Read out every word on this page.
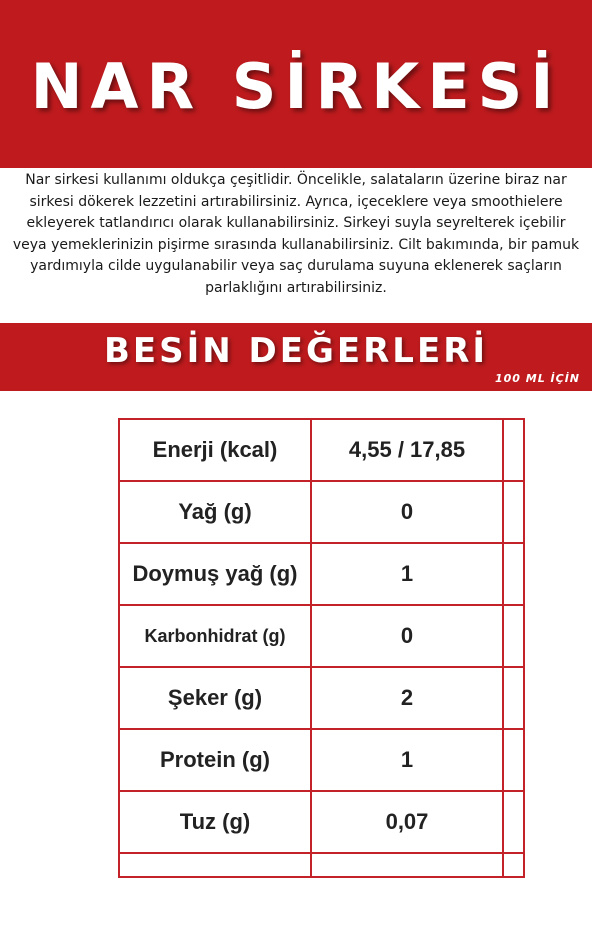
NAR SİRKESİ

Nar sirkesi kullanımı oldukça çeşitlidir. Öncelikle, salataların üzerine biraz nar sirkesi dökerek lezzetini artırabilirsiniz. Ayrıca, içeceklere veya smoothielere ekleyerek tatlandırıcı olarak kullanabilirsiniz. Sirkeyi suyla seyrelterek içebilir veya yemeklerinizin pişirme sırasında kullanabilirsiniz. Cilt bakımında, bir pamuk yardımıyla cilde uygulanabilir veya saç durulama suyuna eklenerek saçların parlaklığını artırabilirsiniz.

BESİN DEĞERLERİ
100 ML İÇİN
Enerji (kcal)	4,55 / 17,85	
Yağ (g)	0	
Doymuş yağ (g)	1	
Karbonhidrat (g)	0	
Şeker (g)	2	
Protein (g)	1	
Tuz (g)	0,07	
